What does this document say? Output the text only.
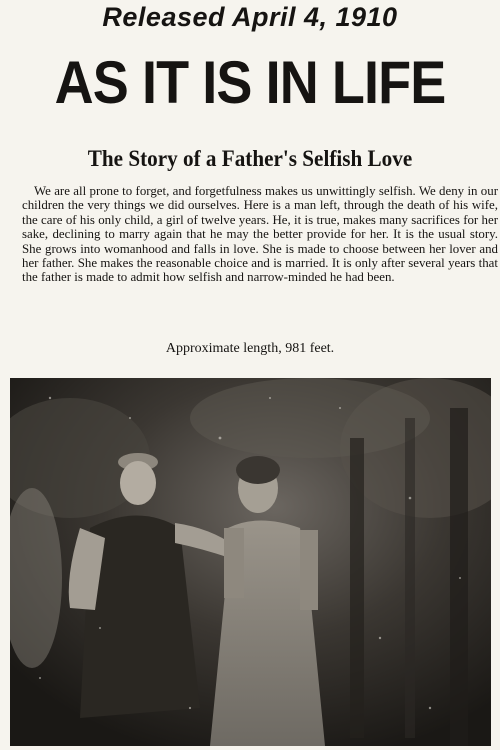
Released April 4, 1910
AS IT IS IN LIFE
The Story of a Father's Selfish Love
We are all prone to forget, and forgetfulness makes us unwittingly selfish. We deny in our children the very things we did ourselves. Here is a man left, through the death of his wife, the care of his only child, a girl of twelve years. He, it is true, makes many sacrifices for her sake, declining to marry again that he may the better provide for her. It is the usual story. She grows into womanhood and falls in love. She is made to choose between her lover and her father. She makes the reasonable choice and is married. It is only after several years that the father is made to admit how selfish and narrow-minded he had been.
Approximate length, 981 feet.
